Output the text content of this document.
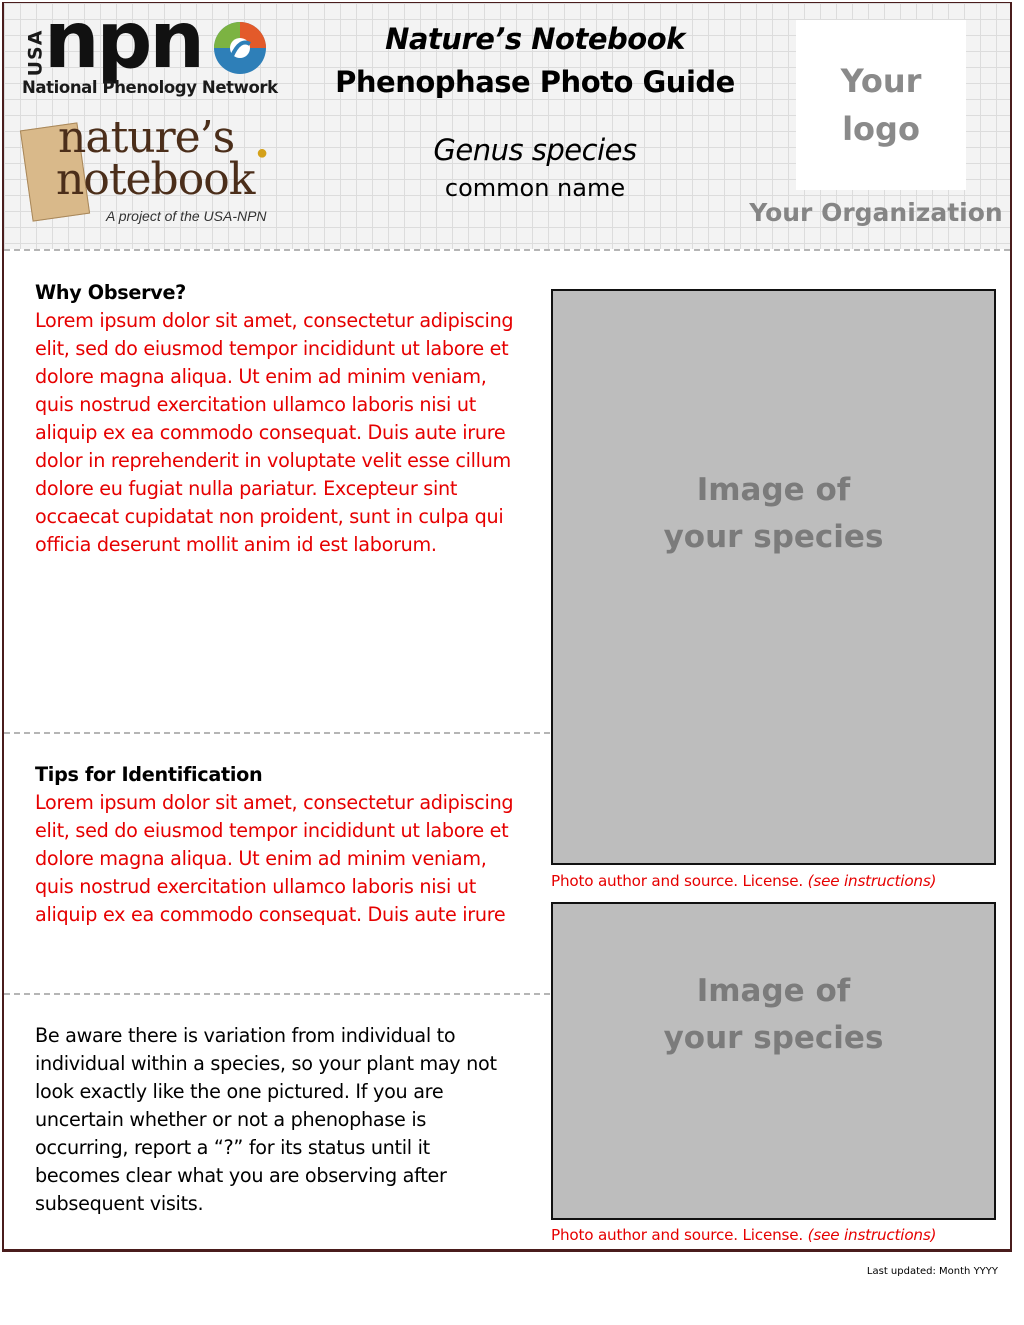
USA
npn
National Phenology Network
nature’s
notebook
●
A project of the USA-NPN
Nature’s Notebook
Phenophase Photo Guide
Genus species
common name
Your logo
Your Organization
Why Observe?
Lorem ipsum dolor sit amet, consectetur adipiscing elit, sed do eiusmod tempor incididunt ut labore et dolore magna aliqua. Ut enim ad minim veniam, quis nostrud exercitation ullamco laboris nisi ut aliquip ex ea commodo consequat. Duis aute irure dolor in reprehenderit in voluptate velit esse cillum dolore eu fugiat nulla pariatur. Excepteur sint occaecat cupidatat non proident, sunt in culpa qui officia deserunt mollit anim id est laborum.
Tips for Identification
Lorem ipsum dolor sit amet, consectetur adipiscing elit, sed do eiusmod tempor incididunt ut labore et dolore magna aliqua. Ut enim ad minim veniam, quis nostrud exercitation ullamco laboris nisi ut aliquip ex ea commodo consequat. Duis aute irure
Be aware there is variation from individual to individual within a species, so your plant may not look exactly like the one pictured. If you are uncertain whether or not a phenophase is occurring, report a “?” for its status until it becomes clear what you are observing after subsequent visits.
Image of your species
Photo author and source. License. (see instructions)
Image of your species
Photo author and source. License. (see instructions)
Last updated: Month YYYY
